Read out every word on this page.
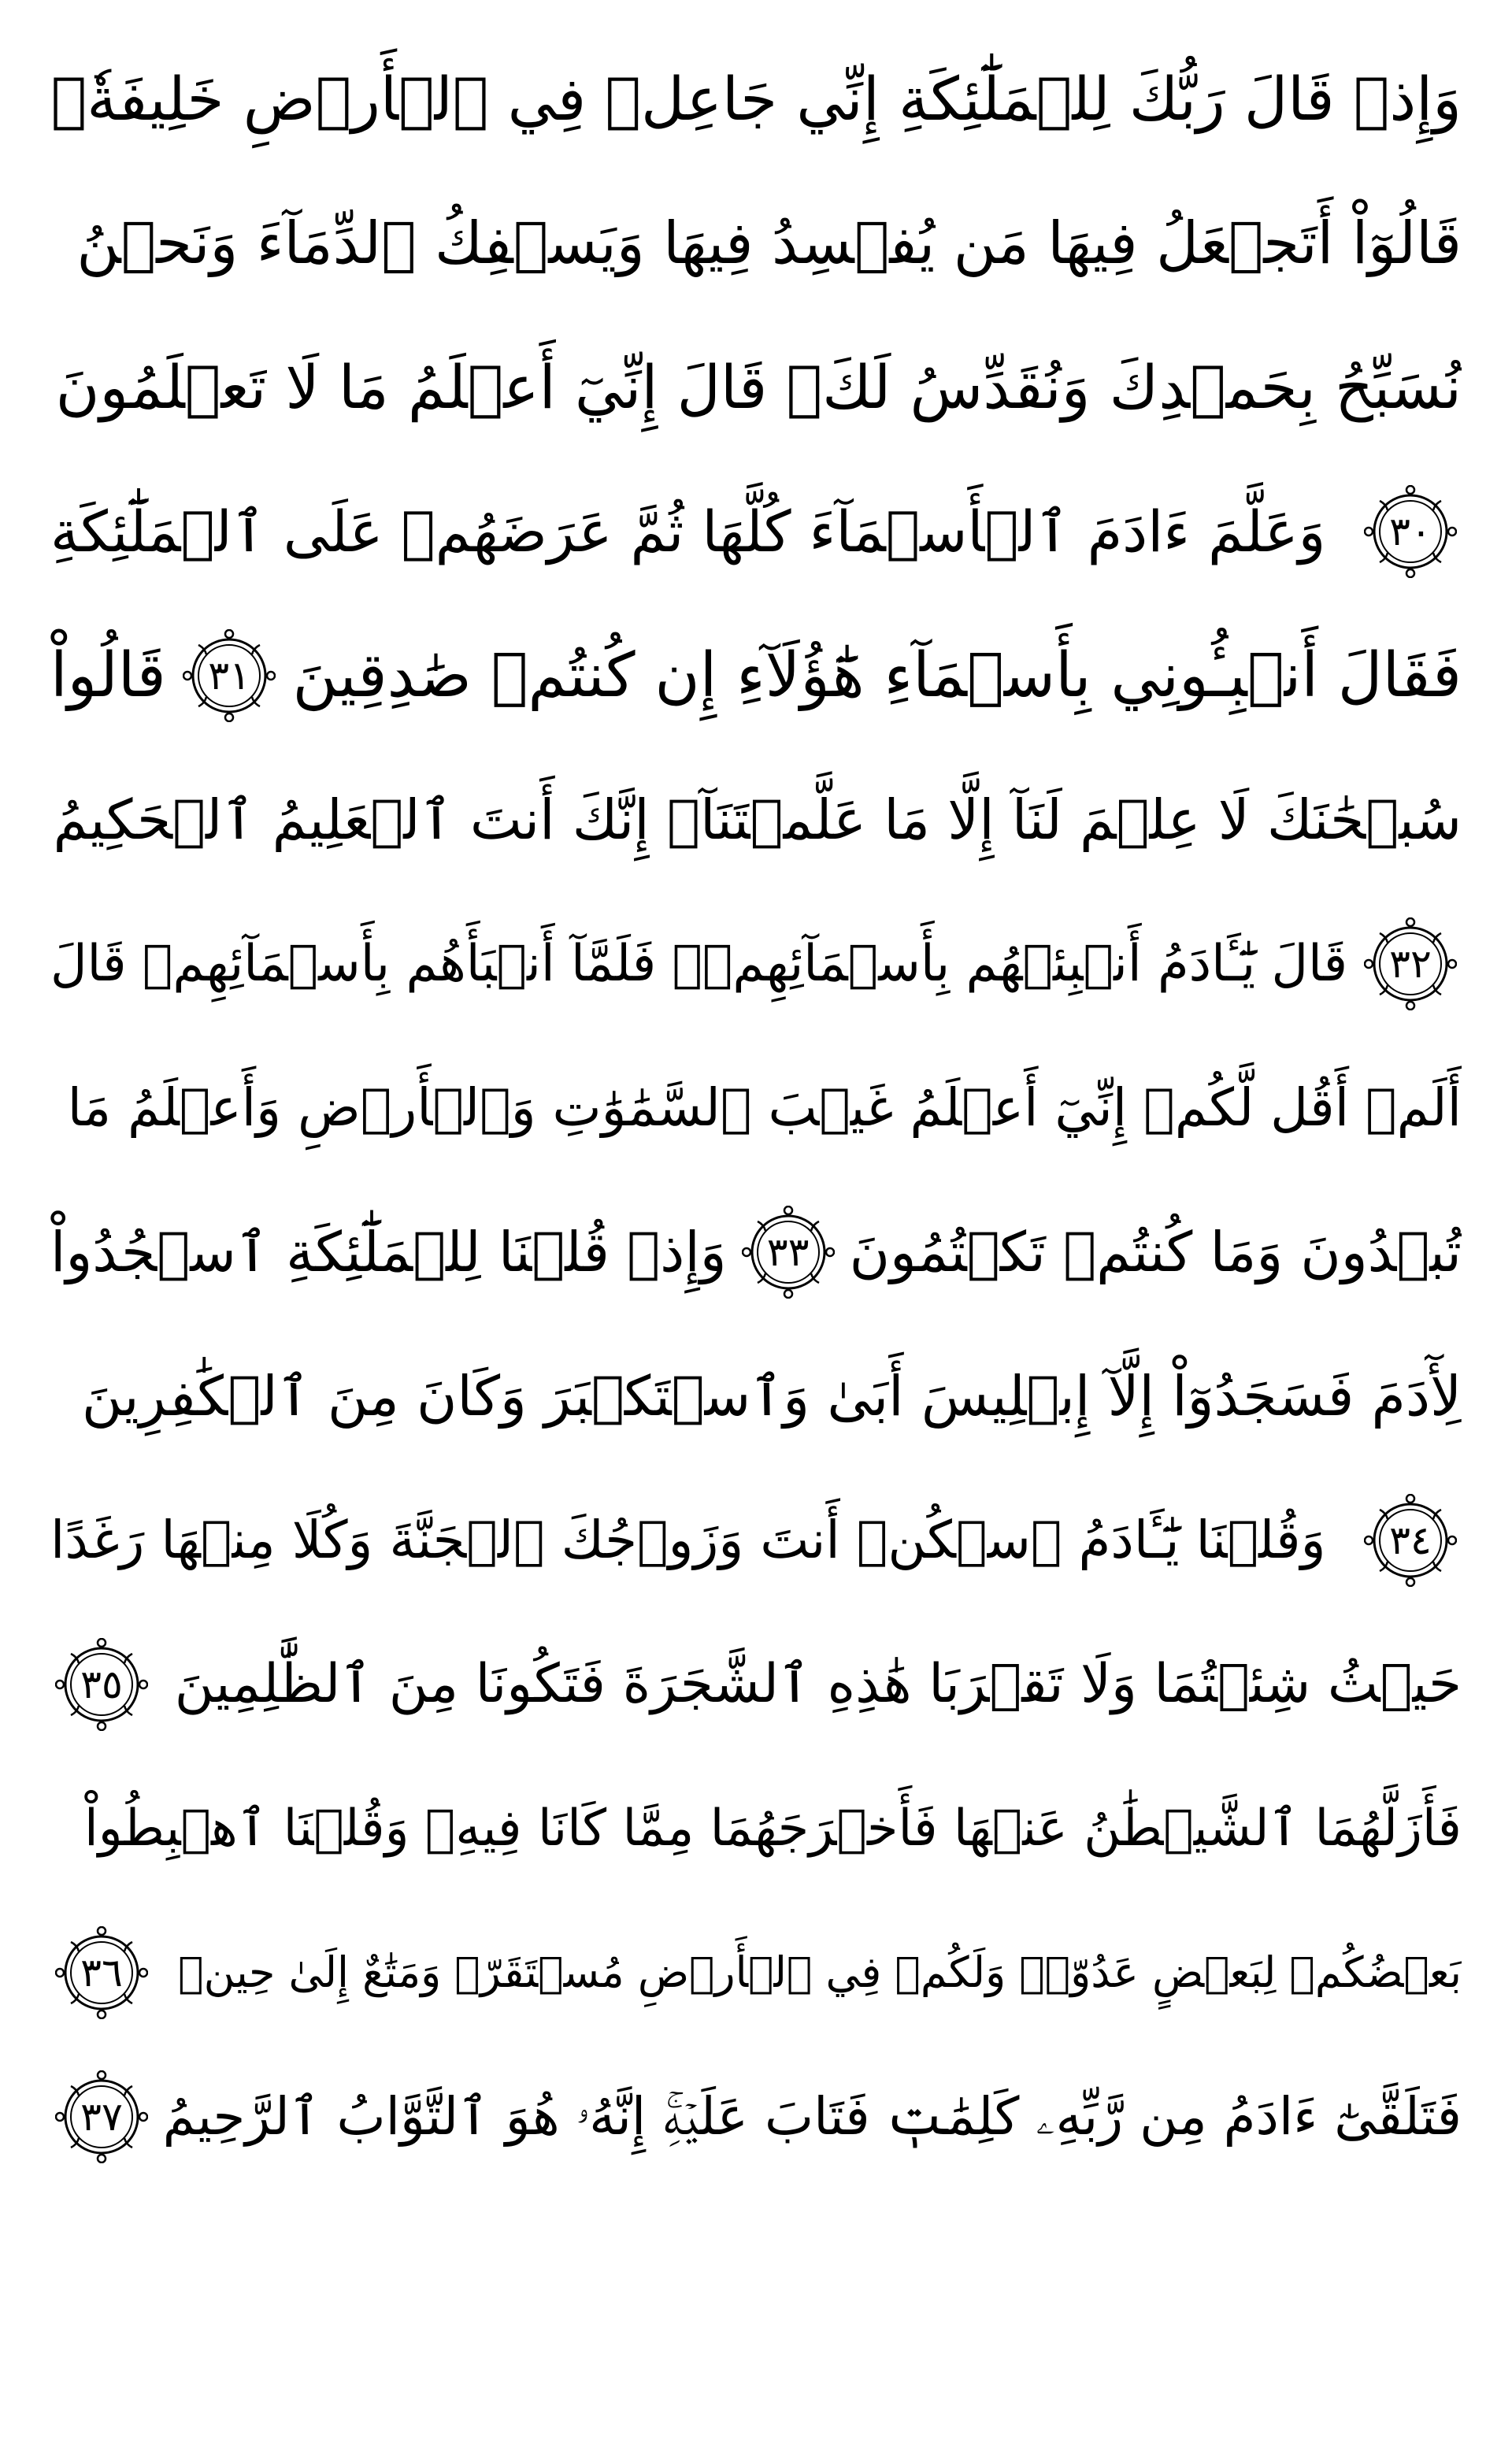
وَإِذۡ قَالَ رَبُّكَ لِلۡمَلَٰٓئِكَةِ إِنِّي جَاعِلٞ فِي ٱلۡأَرۡضِ خَلِيفَةٗۖ
قَالُوٓاْ أَتَجۡعَلُ فِيهَا مَن يُفۡسِدُ فِيهَا وَيَسۡفِكُ ٱلدِّمَآءَ وَنَحۡنُ
نُسَبِّحُ بِحَمۡدِكَ وَنُقَدِّسُ لَكَۖ قَالَ إِنِّيٓ أَعۡلَمُ مَا لَا تَعۡلَمُونَ
٣٠
وَعَلَّمَ ءَادَمَ ٱلۡأَسۡمَآءَ كُلَّهَا ثُمَّ عَرَضَهُمۡ عَلَى ٱلۡمَلَٰٓئِكَةِ
فَقَالَ أَنۢبِـُٔونِي بِأَسۡمَآءِ هَٰٓؤُلَآءِ إِن كُنتُمۡ صَٰدِقِينَ
٣١
قَالُواْ
سُبۡحَٰنَكَ لَا عِلۡمَ لَنَآ إِلَّا مَا عَلَّمۡتَنَآۖ إِنَّكَ أَنتَ ٱلۡعَلِيمُ ٱلۡحَكِيمُ
٣٢
قَالَ يَٰٓـَٔادَمُ أَنۢبِئۡهُم بِأَسۡمَآئِهِمۡۖ فَلَمَّآ أَنۢبَأَهُم بِأَسۡمَآئِهِمۡ قَالَ
أَلَمۡ أَقُل لَّكُمۡ إِنِّيٓ أَعۡلَمُ غَيۡبَ ٱلسَّمَٰوَٰتِ وَٱلۡأَرۡضِ وَأَعۡلَمُ مَا
تُبۡدُونَ وَمَا كُنتُمۡ تَكۡتُمُونَ
٣٣
وَإِذۡ قُلۡنَا لِلۡمَلَٰٓئِكَةِ ٱسۡجُدُواْ
لِأٓدَمَ فَسَجَدُوٓاْ إِلَّآ إِبۡلِيسَ أَبَىٰ وَٱسۡتَكۡبَرَ وَكَانَ مِنَ ٱلۡكَٰفِرِينَ
٣٤
وَقُلۡنَا يَٰٓـَٔادَمُ ٱسۡكُنۡ أَنتَ وَزَوۡجُكَ ٱلۡجَنَّةَ وَكُلَا مِنۡهَا رَغَدًا
حَيۡثُ شِئۡتُمَا وَلَا تَقۡرَبَا هَٰذِهِ ٱلشَّجَرَةَ فَتَكُونَا مِنَ ٱلظَّٰلِمِينَ
٣٥
فَأَزَلَّهُمَا ٱلشَّيۡطَٰنُ عَنۡهَا فَأَخۡرَجَهُمَا مِمَّا كَانَا فِيهِۖ وَقُلۡنَا ٱهۡبِطُواْ
بَعۡضُكُمۡ لِبَعۡضٍ عَدُوّٞۖ وَلَكُمۡ فِي ٱلۡأَرۡضِ مُسۡتَقَرّٞ وَمَتَٰعٌ إِلَىٰ حِينٖ
٣٦
فَتَلَقَّىٰٓ ءَادَمُ مِن رَّبِّهِۦ كَلِمَٰتٖ فَتَابَ عَلَيۡهِۚ إِنَّهُۥ هُوَ ٱلتَّوَّابُ ٱلرَّحِيمُ
٣٧
